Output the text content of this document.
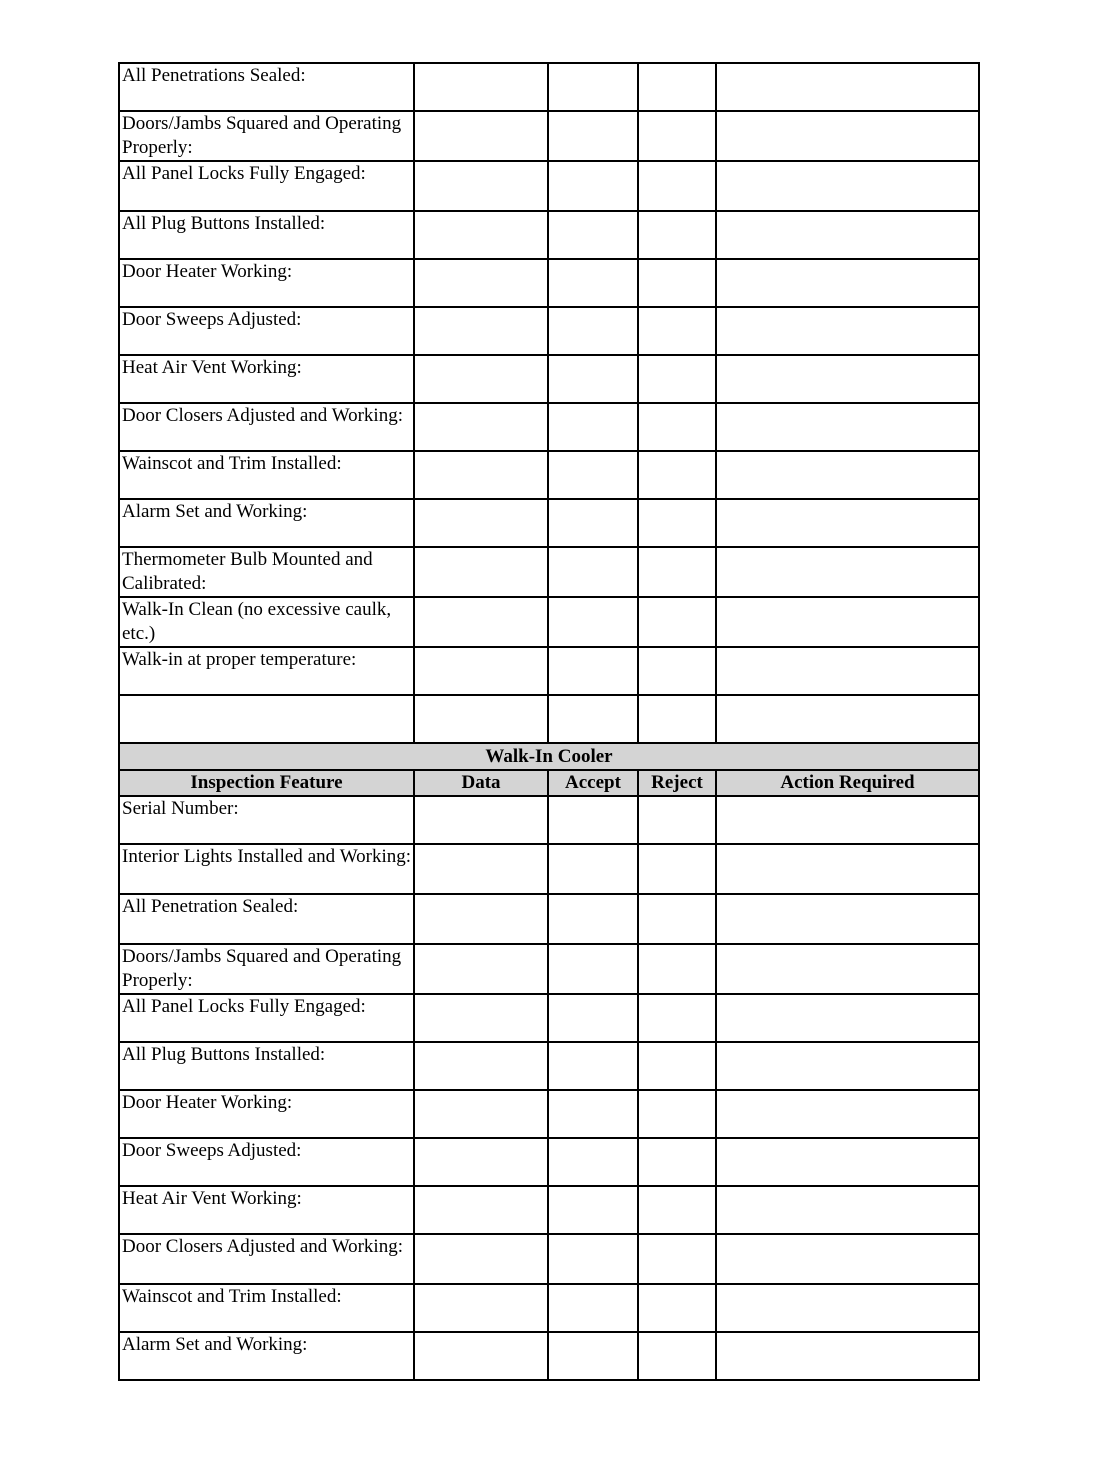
All Penetrations Sealed:				
Doors/Jambs Squared and Operating Properly:				
All Panel Locks Fully Engaged:				
All Plug Buttons Installed:				
Door Heater Working:				
Door Sweeps Adjusted:				
Heat Air Vent Working:				
Door Closers Adjusted and Working:				
Wainscot and Trim Installed:				
Alarm Set and Working:				
Thermometer Bulb Mounted and Calibrated:				
Walk-In Clean (no excessive caulk, etc.)				
Walk-in at proper temperature:				

Walk-In Cooler				
Inspection Feature	Data	Accept	Reject	Action Required
Serial Number:				

Interior Lights Installed and Working:				

All Penetration Sealed:				
Doors/Jambs Squared and Operating Properly:				
All Panel Locks Fully Engaged:				
All Plug Buttons Installed:				
Door Heater Working:				
Door Sweeps Adjusted:				
Heat Air Vent Working:				
Door Closers Adjusted and Working:				
Wainscot and Trim Installed:				
Alarm Set and Working:				
